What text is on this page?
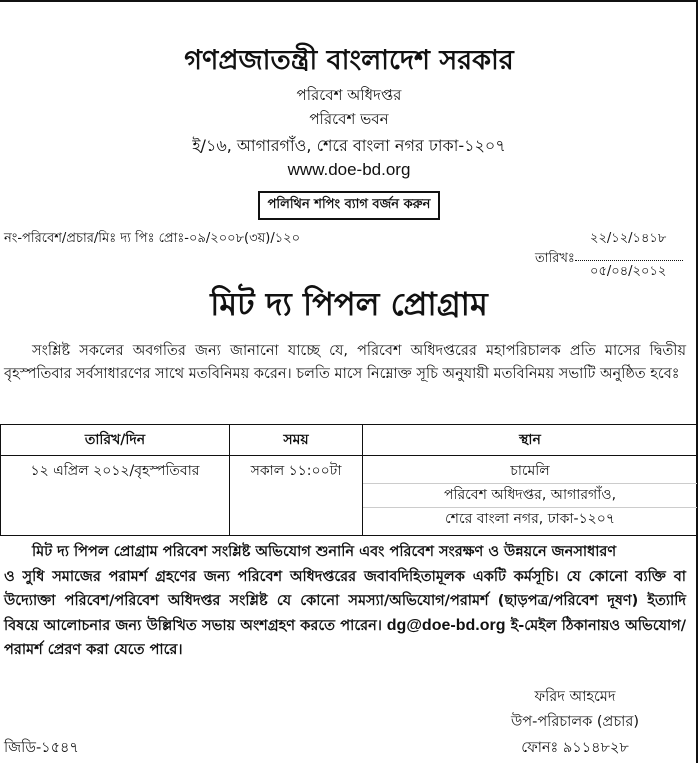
গণপ্রজাতন্ত্রী বাংলাদেশ সরকার
পরিবেশ অধিদপ্তর
পরিবেশ ভবন
ই/১৬, আগারগাঁও, শেরে বাংলা নগর ঢাকা-১২০৭
www.doe-bd.org
পলিথিন শপিং ব্যাগ বর্জন করুন
নং-পরিবেশ/প্রচার/মিঃ দ্য পিঃ প্রোঃ-০৯/২০০৮(৩য়)/১২০	২২/১২/১৪১৮
তারিখঃ
০৫/০৪/২০১২
মিট দ্য পিপল প্রোগ্রাম
সংশ্লিষ্ট সকলের অবগতির জন্য জানানো যাচ্ছে যে, পরিবেশ অধিদপ্তরের মহাপরিচালক প্রতি মাসের দ্বিতীয় বৃহস্পতিবার সর্বসাধারণের সাথে মতবিনিময় করেন। চলতি মাসে নিম্নোক্ত সূচি অনুযায়ী মতবিনিময় সভাটি অনুষ্ঠিত হবেঃ
তারিখ/দিন	সময়	স্থান
১২ এপ্রিল ২০১২/বৃহস্পতিবার	সকাল ১১:০০টা	চামেলি
পরিবেশ অধিদপ্তর, আগারগাঁও,
শেরে বাংলা নগর, ঢাকা-১২০৭
মিট দ্য পিপল প্রোগ্রাম পরিবেশ সংশ্লিষ্ট অভিযোগ শুনানি এবং পরিবেশ সংরক্ষণ ও উন্নয়নে জনসাধারণ
ও সুধি সমাজের পরামর্শ গ্রহণের জন্য পরিবেশ অধিদপ্তরের জবাবদিহিতামূলক একটি কর্মসূচি। যে কোনো ব্যক্তি বা উদ্যোক্তা পরিবেশ/পরিবেশ অধিদপ্তর সংশ্লিষ্ট যে কোনো সমস্যা/অভিযোগ/পরামর্শ (ছাড়পত্র/পরিবেশ দূষণ) ইত্যাদি বিষয়ে আলোচনার জন্য উল্লিখিত সভায় অংশগ্রহণ করতে পারেন। dg@doe-bd.org ই-মেইল ঠিকানায়ও অভিযোগ/পরামর্শ প্রেরণ করা যেতে পারে।
ফরিদ আহমেদ
উপ-পরিচালক (প্রচার)
ফোনঃ ৯১১৪৮২৮
জিডি-১৫৪৭
